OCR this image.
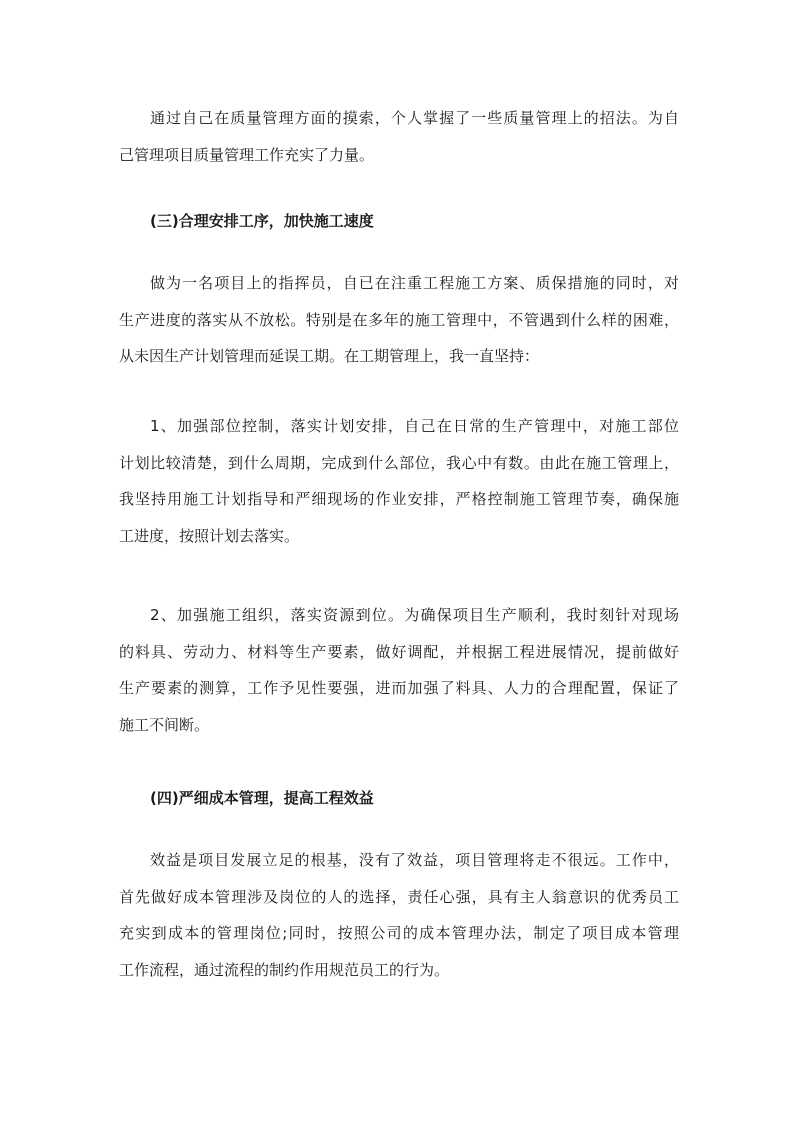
通过自己在质量管理方面的摸索，个人掌握了一些质量管理上的招法。为自
己管理项目质量管理工作充实了力量。
(三)合理安排工序，加快施工速度
做为一名项目上的指挥员，自已在注重工程施工方案、质保措施的同时，对
生产进度的落实从不放松。特别是在多年的施工管理中，不管遇到什么样的困难，
从未因生产计划管理而延误工期。在工期管理上，我一直坚持：
1、加强部位控制，落实计划安排，自己在日常的生产管理中，对施工部位
计划比较清楚，到什么周期，完成到什么部位，我心中有数。由此在施工管理上，
我坚持用施工计划指导和严细现场的作业安排，严格控制施工管理节奏，确保施
工进度，按照计划去落实。
2、加强施工组织，落实资源到位。为确保项目生产顺利，我时刻针对现场
的料具、劳动力、材料等生产要素，做好调配，并根据工程进展情况，提前做好
生产要素的测算，工作予见性要强，进而加强了料具、人力的合理配置，保证了
施工不间断。
(四)严细成本管理，提高工程效益
效益是项目发展立足的根基，没有了效益，项目管理将走不很远。工作中，
首先做好成本管理涉及岗位的人的选择，责任心强，具有主人翁意识的优秀员工
充实到成本的管理岗位;同时，按照公司的成本管理办法，制定了项目成本管理
工作流程，通过流程的制约作用规范员工的行为。
